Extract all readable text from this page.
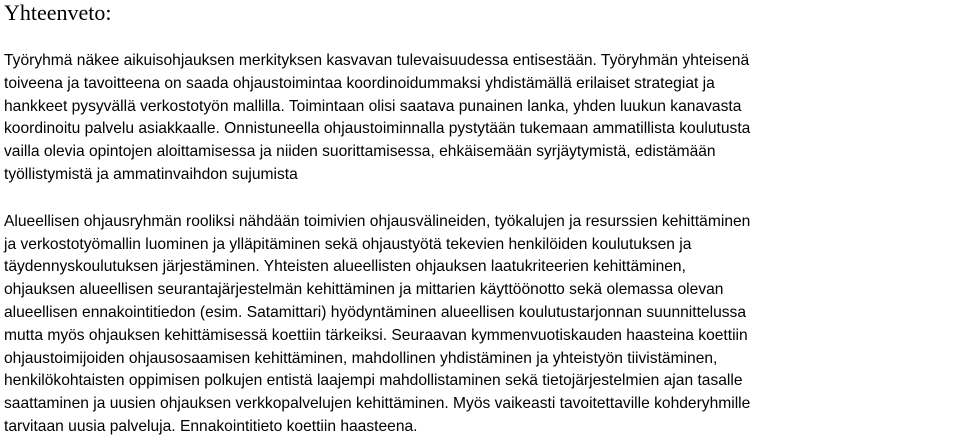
Yhteenveto:

Työryhmä näkee aikuisohjauksen merkityksen kasvavan tulevaisuudessa entisestään. Työryhmän yhteisenä
toiveena ja tavoitteena on saada ohjaustoimintaa koordinoidummaksi yhdistämällä erilaiset strategiat ja
hankkeet pysyvällä verkostotyön mallilla. Toimintaan olisi saatava punainen lanka, yhden luukun kanavasta
koordinoitu palvelu asiakkaalle. Onnistuneella ohjaustoiminnalla pystytään tukemaan ammatillista koulutusta
vailla olevia opintojen aloittamisessa ja niiden suorittamisessa, ehkäisemään syrjäytymistä, edistämään
työllistymistä ja ammatinvaihdon sujumista

Alueellisen ohjausryhmän rooliksi nähdään toimivien ohjausvälineiden, työkalujen ja resurssien kehittäminen
ja verkostotyömallin luominen ja ylläpitäminen sekä ohjaustyötä tekevien henkilöiden koulutuksen ja
täydennyskoulutuksen järjestäminen. Yhteisten alueellisten ohjauksen laatukriteerien kehittäminen,
ohjauksen alueellisen seurantajärjestelmän kehittäminen ja mittarien käyttöönotto sekä olemassa olevan
alueellisen ennakointitiedon (esim. Satamittari) hyödyntäminen alueellisen koulutustarjonnan suunnittelussa
mutta myös ohjauksen kehittämisessä koettiin tärkeiksi. Seuraavan kymmenvuotiskauden haasteina koettiin
ohjaustoimijoiden ohjausosaamisen kehittäminen, mahdollinen yhdistäminen ja yhteistyön tiivistäminen,
henkilökohtaisten oppimisen polkujen entistä laajempi mahdollistaminen sekä tietojärjestelmien ajan tasalle
saattaminen ja uusien ohjauksen verkkopalvelujen kehittäminen. Myös vaikeasti tavoitettaville kohderyhmille
tarvitaan uusia palveluja. Ennakointitieto koettiin haasteena.
